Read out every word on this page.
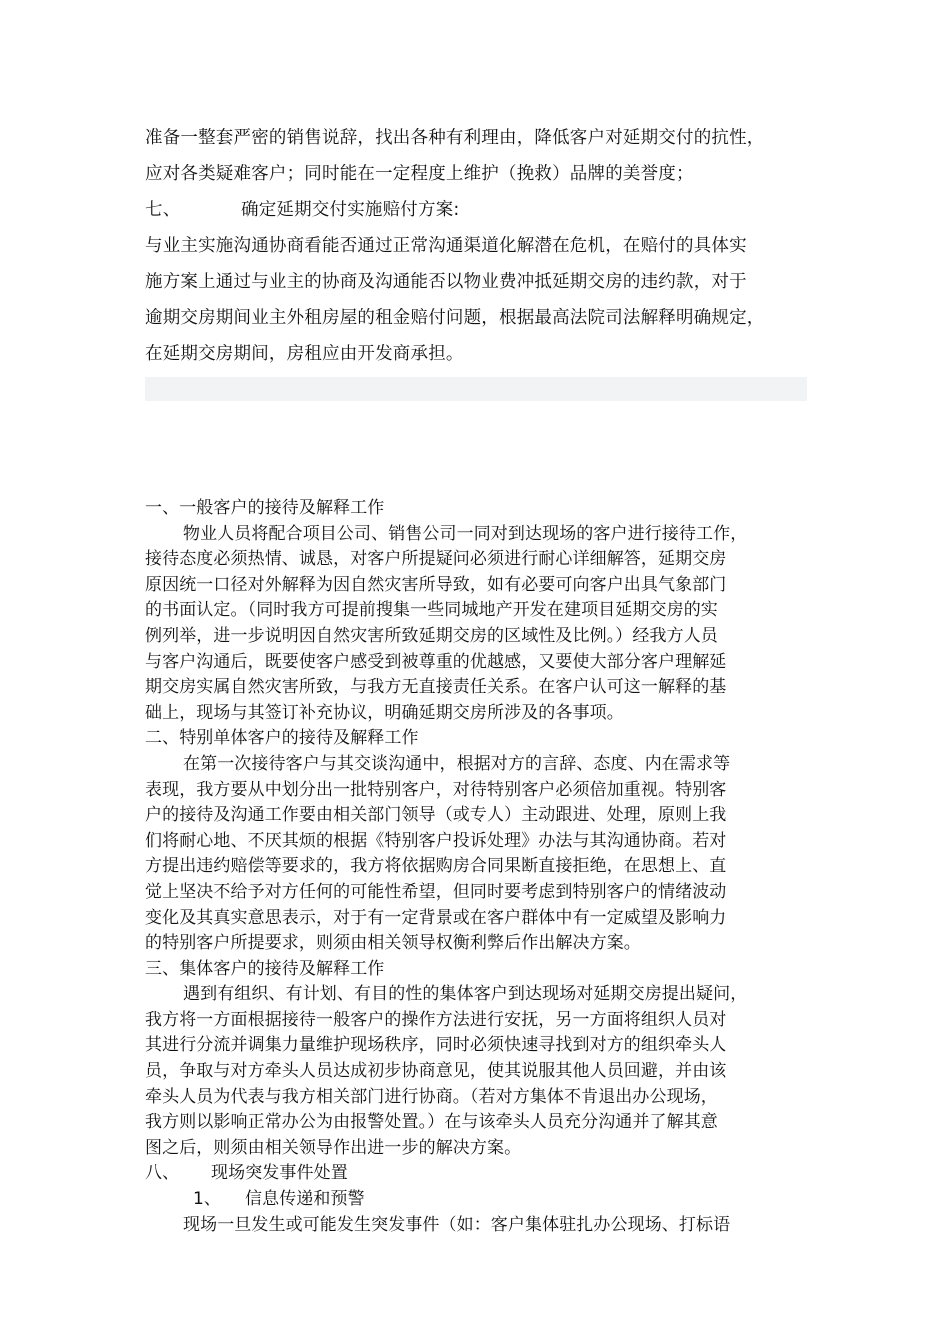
准备一整套严密的销售说辞，找出各种有利理由，降低客户对延期交付的抗性，

应对各类疑难客户；同时能在一定程度上维护（挽救）品牌的美誉度；

七、	确定延期交付实施赔付方案:

与业主实施沟通协商看能否通过正常沟通渠道化解潜在危机，在赔付的具体实

施方案上通过与业主的协商及沟通能否以物业费冲抵延期交房的违约款，对于

逾期交房期间业主外租房屋的租金赔付问题，根据最高法院司法解释明确规定，

在延期交房期间，房租应由开发商承担。

一、一般客户的接待及解释工作

物业人员将配合项目公司、销售公司一同对到达现场的客户进行接待工作，

接待态度必须热情、诚恳，对客户所提疑问必须进行耐心详细解答，延期交房

原因统一口径对外解释为因自然灾害所导致，如有必要可向客户出具气象部门

的书面认定。（同时我方可提前搜集一些同城地产开发在建项目延期交房的实

例列举，进一步说明因自然灾害所致延期交房的区域性及比例。）经我方人员

与客户沟通后，既要使客户感受到被尊重的优越感，又要使大部分客户理解延

期交房实属自然灾害所致，与我方无直接责任关系。在客户认可这一解释的基

础上，现场与其签订补充协议，明确延期交房所涉及的各事项。

二、特别单体客户的接待及解释工作

在第一次接待客户与其交谈沟通中，根据对方的言辞、态度、内在需求等

表现，我方要从中划分出一批特别客户，对待特别客户必须倍加重视。特别客

户的接待及沟通工作要由相关部门领导（或专人）主动跟进、处理，原则上我

们将耐心地、不厌其烦的根据《特别客户投诉处理》办法与其沟通协商。若对

方提出违约赔偿等要求的，我方将依据购房合同果断直接拒绝，在思想上、直

觉上坚决不给予对方任何的可能性希望，但同时要考虑到特别客户的情绪波动

变化及其真实意思表示，对于有一定背景或在客户群体中有一定威望及影响力

的特别客户所提要求，则须由相关领导权衡利弊后作出解决方案。

三、集体客户的接待及解释工作

遇到有组织、有计划、有目的性的集体客户到达现场对延期交房提出疑问，

我方将一方面根据接待一般客户的操作方法进行安抚，另一方面将组织人员对

其进行分流并调集力量维护现场秩序，同时必须快速寻找到对方的组织牵头人

员，争取与对方牵头人员达成初步协商意见，使其说服其他人员回避，并由该

牵头人员为代表与我方相关部门进行协商。（若对方集体不肯退出办公现场，

我方则以影响正常办公为由报警处置。）在与该牵头人员充分沟通并了解其意

图之后，则须由相关领导作出进一步的解决方案。

八、 现场突发事件处置

1、 信息传递和预警

现场一旦发生或可能发生突发事件（如：客户集体驻扎办公现场、打标语
